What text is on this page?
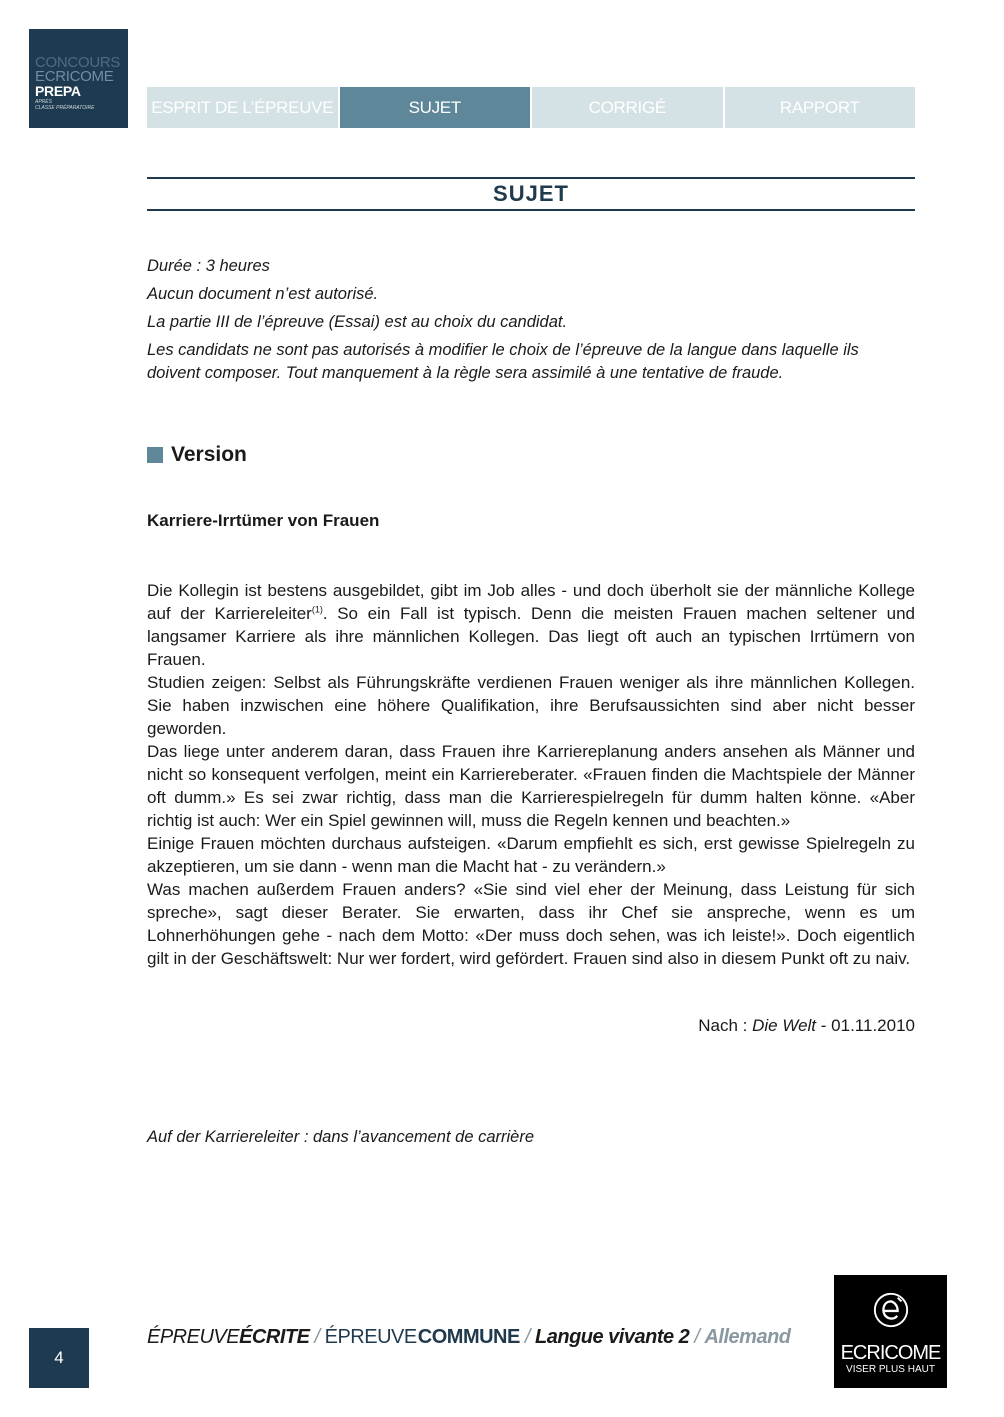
CONCOURS
ECRICOME
PREPA
APRÈS
CLASSE PRÉPARATOIRE	ESPRIT DE L’ÉPREUVE	SUJET	CORRIGÉ	RAPPORT
SUJET

Durée : 3 heures

Aucun document n’est autorisé.

La partie III de l’épreuve (Essai) est au choix du candidat.

Les candidats ne sont pas autorisés à modifier le choix de l’épreuve de la langue dans laquelle ils doivent composer. Tout manquement à la règle sera assimilé à une tentative de fraude.

Version
Karriere-Irrtümer von Frauen

Die Kollegin ist bestens ausgebildet, gibt im Job alles - und doch überholt sie der männliche Kollege auf der Karriereleiter$^{(1)}$. So ein Fall ist typisch. Denn die meisten Frauen machen seltener und langsamer Karriere als ihre männlichen Kollegen. Das liegt oft auch an typischen Irrtümern von Frauen.

Studien zeigen: Selbst als Führungskräfte verdienen Frauen weniger als ihre männlichen Kollegen. Sie haben inzwischen eine höhere Qualifikation, ihre Berufsaussichten sind aber nicht besser geworden.

Das liege unter anderem daran, dass Frauen ihre Karriereplanung anders ansehen als Männer und nicht so konsequent verfolgen, meint ein Karriereberater. «Frauen finden die Machtspiele der Männer oft dumm.» Es sei zwar richtig, dass man die Karrierespielregeln für dumm halten könne. «Aber richtig ist auch: Wer ein Spiel gewinnen will, muss die Regeln kennen und beachten.»

Einige Frauen möchten durchaus aufsteigen. «Darum empfiehlt es sich, erst gewisse Spielregeln zu akzeptieren, um sie dann - wenn man die Macht hat - zu verändern.»

Was machen außerdem Frauen anders? «Sie sind viel eher der Meinung, dass Leistung für sich spreche», sagt dieser Berater. Sie erwarten, dass ihr Chef sie anspreche, wenn es um Lohnerhöhungen gehe - nach dem Motto: «Der muss doch sehen, was ich leiste!». Doch eigentlich gilt in der Geschäftswelt: Nur wer fordert, wird gefördert. Frauen sind also in diesem Punkt oft zu naiv.

Nach : Die Welt - 01.11.2010
Auf der Karriereleiter : dans l’avancement de carrière
4
ÉPREUVEÉCRITE / ÉPREUVE COMMUNE / Langue vivante 2 / Allemand
ECRICOME
VISER PLUS HAUT
